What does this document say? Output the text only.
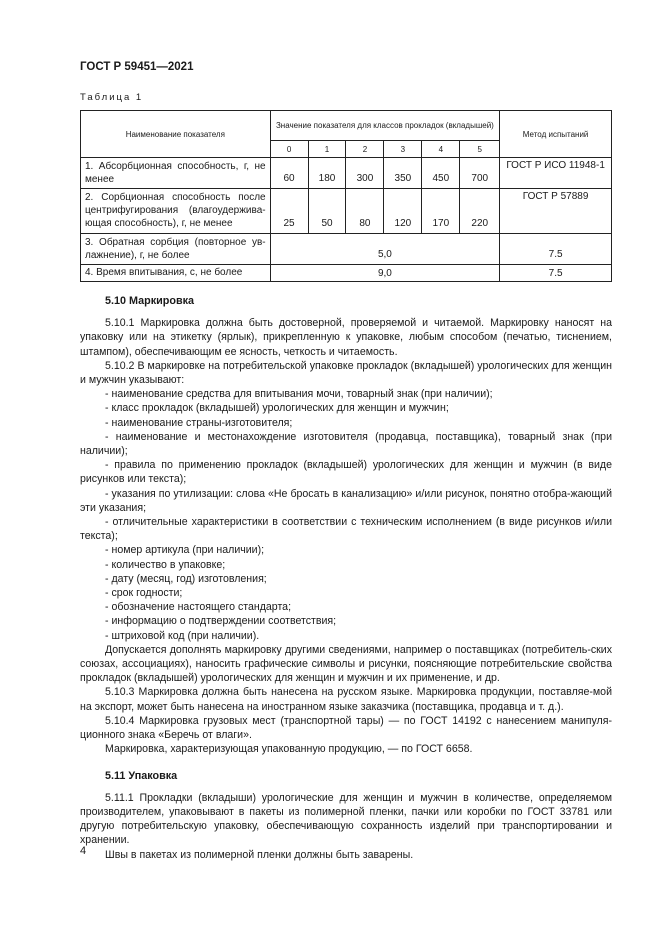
ГОСТ Р 59451—2021
Таблица 1
Наименование показателя	Значение показателя для классов прокладок (вкладышей)						Метод испытаний
	0	1	2	3	4	5	
1. Абсорбционная способность, г, не менее	60	180	300	350	450	700	ГОСТ Р ИСО 11948-1
2. Сорбционная способность после центрифугирования (влагоудержива-ющая способность), г, не менее	25	50	80	120	170	220	ГОСТ Р 57889
3. Обратная сорбция (повторное ув-лажнение), г, не более	5,0						7.5
4. Время впитывания, с, не более	9,0						7.5
5.10 Маркировка

5.10.1 Маркировка должна быть достоверной, проверяемой и читаемой. Маркировку наносят на упаковку или на этикетку (ярлык), прикрепленную к упаковке, любым способом (печатью, тиснением, штампом), обеспечивающим ее ясность, четкость и читаемость.

5.10.2 В маркировке на потребительской упаковке прокладок (вкладышей) урологических для женщин и мужчин указывают:

- наименование средства для впитывания мочи, товарный знак (при наличии);

- класс прокладок (вкладышей) урологических для женщин и мужчин;

- наименование страны-изготовителя;

- наименование и местонахождение изготовителя (продавца, поставщика), товарный знак (при наличии);

- правила по применению прокладок (вкладышей) урологических для женщин и мужчин (в виде рисунков или текста);

- указания по утилизации: слова «Не бросать в канализацию» и/или рисунок, понятно отобра-жающий эти указания;

- отличительные характеристики в соответствии с техническим исполнением (в виде рисунков и/или текста);

- номер артикула (при наличии);

- количество в упаковке;

- дату (месяц, год) изготовления;

- срок годности;

- обозначение настоящего стандарта;

- информацию о подтверждении соответствия;

- штриховой код (при наличии).

Допускается дополнять маркировку другими сведениями, например о поставщиках (потребитель-ских союзах, ассоциациях), наносить графические символы и рисунки, поясняющие потребительские свойства прокладок (вкладышей) урологических для женщин и мужчин и их применение, и др.

5.10.3 Маркировка должна быть нанесена на русском языке. Маркировка продукции, поставляе-мой на экспорт, может быть нанесена на иностранном языке заказчика (поставщика, продавца и т. д.).

5.10.4 Маркировка грузовых мест (транспортной тары) — по ГОСТ 14192 с нанесением манипуля-ционного знака «Беречь от влаги».

Маркировка, характеризующая упакованную продукцию, — по ГОСТ 6658.

5.11 Упаковка

5.11.1 Прокладки (вкладыши) урологические для женщин и мужчин в количестве, определяемом производителем, упаковывают в пакеты из полимерной пленки, пачки или коробки по ГОСТ 33781 или другую потребительскую упаковку, обеспечивающую сохранность изделий при транспортировании и хранении.

Швы в пакетах из полимерной пленки должны быть заварены.

4
